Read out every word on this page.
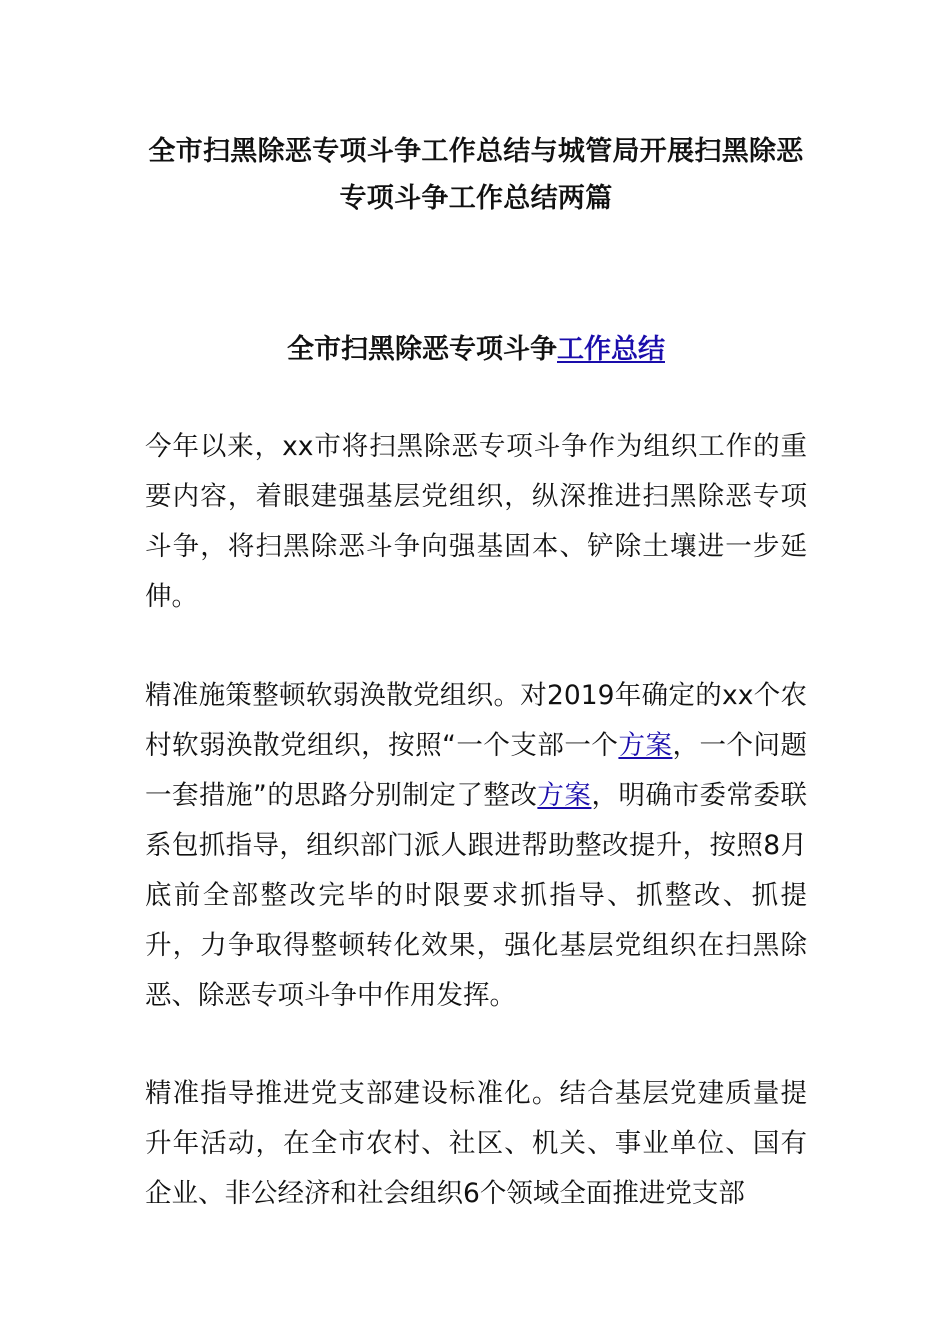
全市扫黑除恶专项斗争工作总结与城管局开展扫黑除恶专项斗争工作总结两篇
全市扫黑除恶专项斗争工作总结

今年以来，xx市将扫黑除恶专项斗争作为组织工作的重要内容，着眼建强基层党组织，纵深推进扫黑除恶专项斗争，将扫黑除恶斗争向强基固本、铲除土壤进一步延伸。

精准施策整顿软弱涣散党组织。对2019年确定的xx个农村软弱涣散党组织，按照“一个支部一个方案，一个问题一套措施”的思路分别制定了整改方案，明确市委常委联系包抓指导，组织部门派人跟进帮助整改提升，按照8月底前全部整改完毕的时限要求抓指导、抓整改、抓提升，力争取得整顿转化效果，强化基层党组织在扫黑除恶、除恶专项斗争中作用发挥。

精准指导推进党支部建设标准化。结合基层党建质量提升年活动，在全市农村、社区、机关、事业单位、国有企业、非公经济和社会组织6个领域全面推进党支部
